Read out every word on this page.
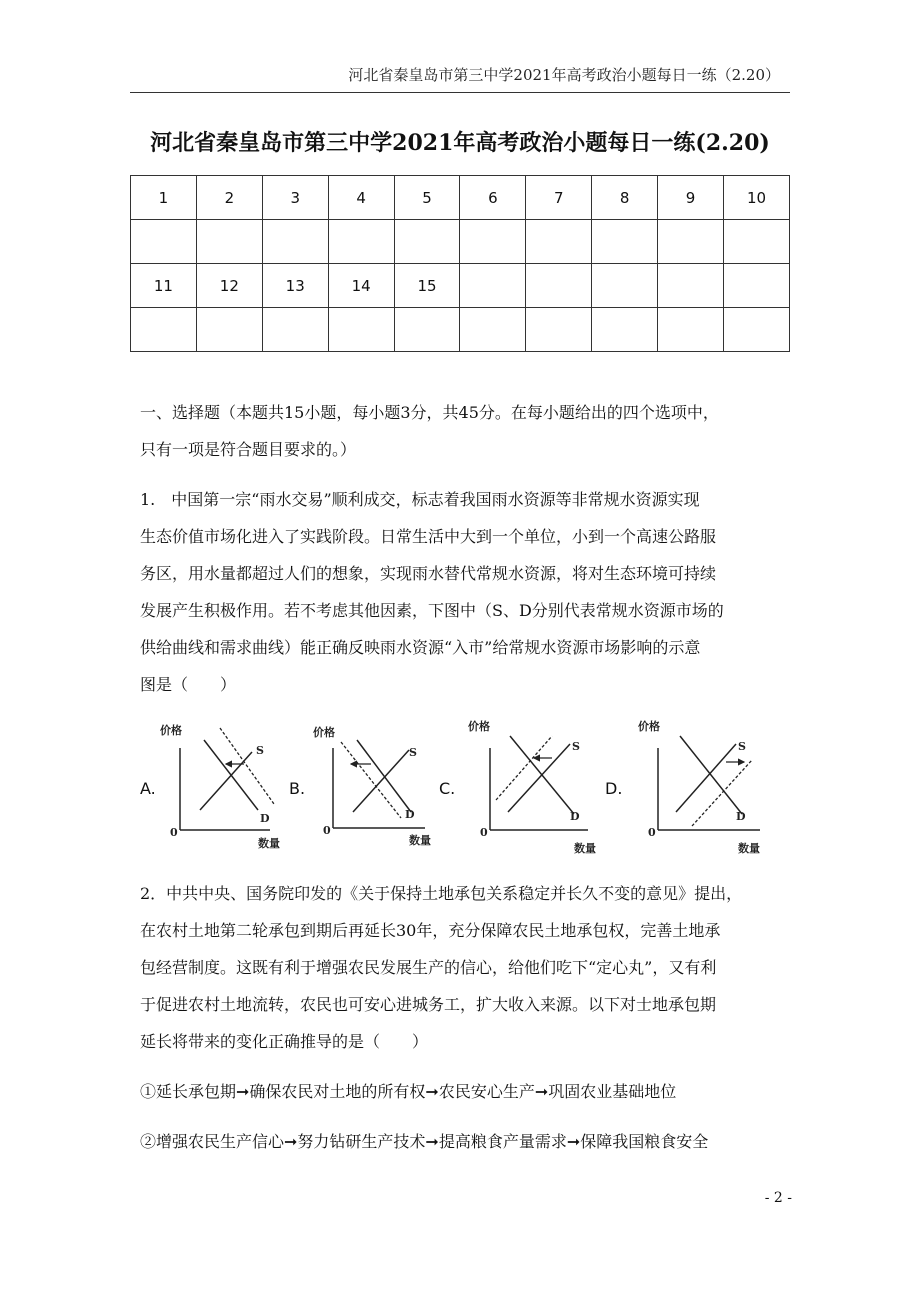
河北省秦皇岛市第三中学2021年高考政治小题每日一练（2.20）
河北省秦皇岛市第三中学2021年高考政治小题每日一练(2.20)
1	2	3	4	5	6	7	8	9	10

11	12	13	14	15					

一、选择题（本题共15小题，每小题3分，共45分。在每小题给出的四个选项中，
只有一项是符合题目要求的。）
1.　中国第一宗“雨水交易”顺利成交，标志着我国雨水资源等非常规水资源实现
生态价值市场化进入了实践阶段。日常生活中大到一个单位，小到一个高速公路服
务区，用水量都超过人们的想象，实现雨水替代常规水资源，将对生态环境可持续
发展产生积极作用。若不考虑其他因素，下图中（S、D分别代表常规水资源市场的
供给曲线和需求曲线）能正确反映雨水资源“入市”给常规水资源市场影响的示意
图是（　　）
A.
价格
S
D
0
数量
B.
价格
S
D
0
数量
C.
价格
S
D
0
数量
D.
价格
S
D
0
数量
2．中共中央、国务院印发的《关于保持土地承包关系稳定并长久不变的意见》提出，
在农村土地第二轮承包到期后再延长30年，充分保障农民土地承包权，完善土地承
包经营制度。这既有利于增强农民发展生产的信心，给他们吃下“定心丸”，又有利
于促进农村土地流转，农民也可安心进城务工，扩大收入来源。以下对士地承包期
延长将带来的变化正确推导的是（　　）
①延长承包期➞确保农民对土地的所有权➞农民安心生产➞巩固农业基础地位
②增强农民生产信心➞努力钻研生产技术➞提高粮食产量需求➞保障我国粮食安全
- 2 -
